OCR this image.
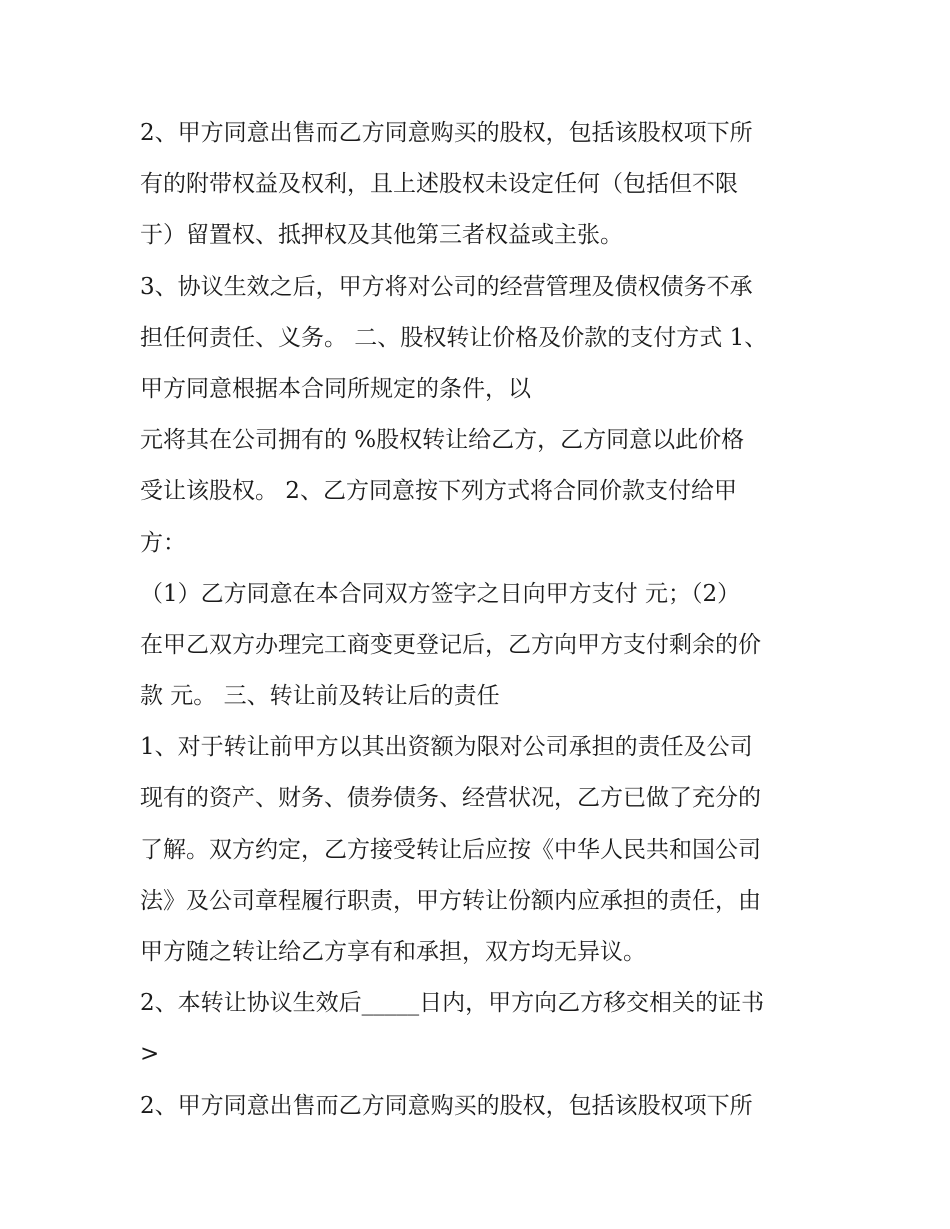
2、甲方同意出售而乙方同意购买的股权，包括该股权项下所
有的附带权益及权利，且上述股权未设定任何（包括但不限
于）留置权、抵押权及其他第三者权益或主张。
3、协议生效之后，甲方将对公司的经营管理及债权债务不承
担任何责任、义务。 二、股权转让价格及价款的支付方式 1、
甲方同意根据本合同所规定的条件，以
元将其在公司拥有的 %股权转让给乙方，乙方同意以此价格
受让该股权。 2、乙方同意按下列方式将合同价款支付给甲
方：
（1）乙方同意在本合同双方签字之日向甲方支付 元；（2）
在甲乙双方办理完工商变更登记后，乙方向甲方支付剩余的价
款 元。 三、转让前及转让后的责任
1、对于转让前甲方以其出资额为限对公司承担的责任及公司
现有的资产、财务、债券债务、经营状况，乙方已做了充分的
了解。双方约定，乙方接受转让后应按《中华人民共和国公司
法》及公司章程履行职责，甲方转让份额内应承担的责任，由
甲方随之转让给乙方享有和承担，双方均无异议。
2、本转让协议生效后_____日内，甲方向乙方移交相关的证书
>
2、甲方同意出售而乙方同意购买的股权，包括该股权项下所
